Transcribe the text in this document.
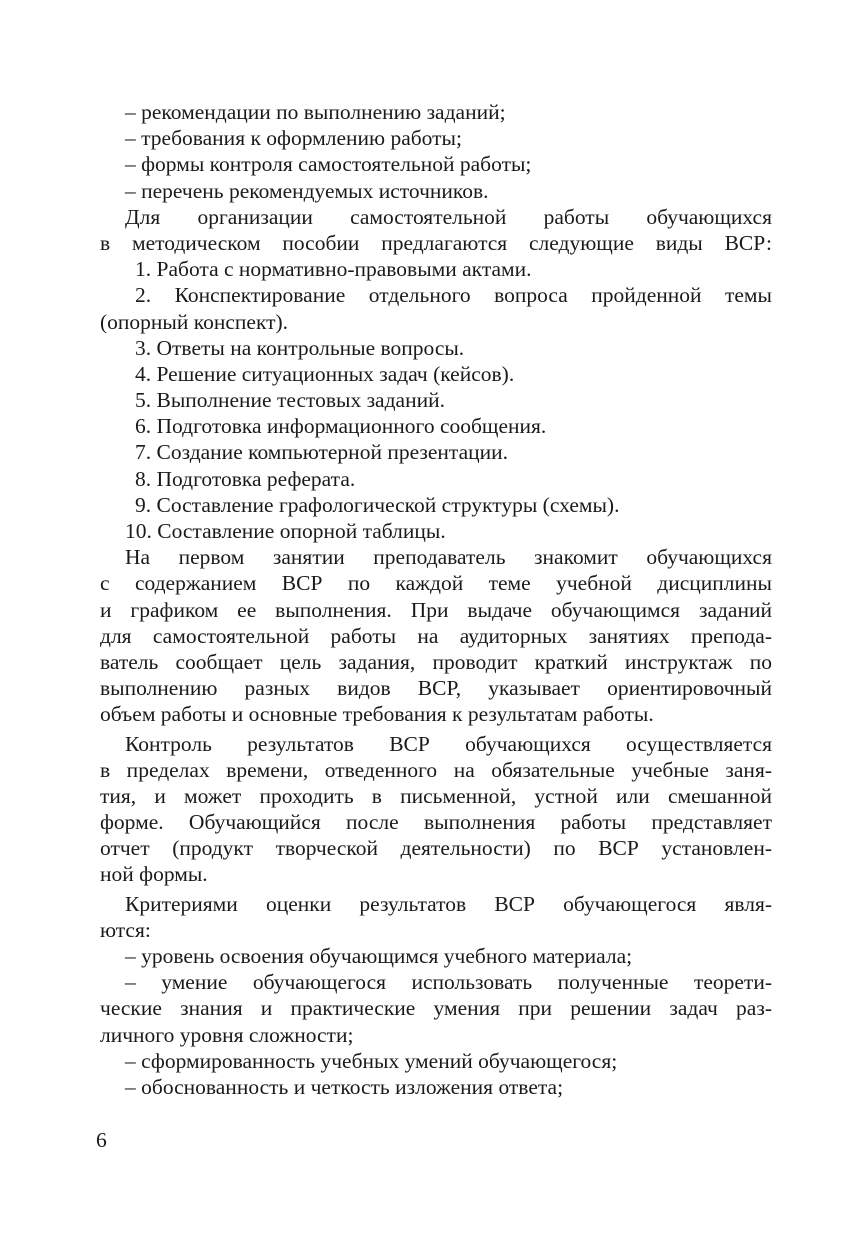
– рекомендации по выполнению заданий;
– требования к оформлению работы;
– формы контроля самостоятельной работы;
– перечень рекомендуемых источников.
Для организации самостоятельной работы обучающихся
в методическом пособии предлагаются следующие виды ВСР:
1. Работа с нормативно-правовыми актами.
2. Конспектирование отдельного вопроса пройденной темы
(опорный конспект).
3. Ответы на контрольные вопросы.
4. Решение ситуационных задач (кейсов).
5. Выполнение тестовых заданий.
6. Подготовка информационного сообщения.
7. Создание компьютерной презентации.
8. Подготовка реферата.
9. Составление графологической структуры (схемы).
10. Составление опорной таблицы.
На первом занятии преподаватель знакомит обучающихся
с содержанием ВСР по каждой теме учебной дисциплины
и графиком ее выполнения. При выдаче обучающимся заданий
для самостоятельной работы на аудиторных занятиях препода-
ватель сообщает цель задания, проводит краткий инструктаж по
выполнению разных видов ВСР, указывает ориентировочный
объем работы и основные требования к результатам работы.
Контроль результатов ВСР обучающихся осуществляется
в пределах времени, отведенного на обязательные учебные заня-
тия, и может проходить в письменной, устной или смешанной
форме. Обучающийся после выполнения работы представляет
отчет (продукт творческой деятельности) по ВСР установлен-
ной формы.
Критериями оценки результатов ВСР обучающегося явля-
ются:
– уровень освоения обучающимся учебного материала;
– умение обучающегося использовать полученные теорети-
ческие знания и практические умения при решении задач раз-
личного уровня сложности;
– сформированность учебных умений обучающегося;
– обоснованность и четкость изложения ответа;
6
